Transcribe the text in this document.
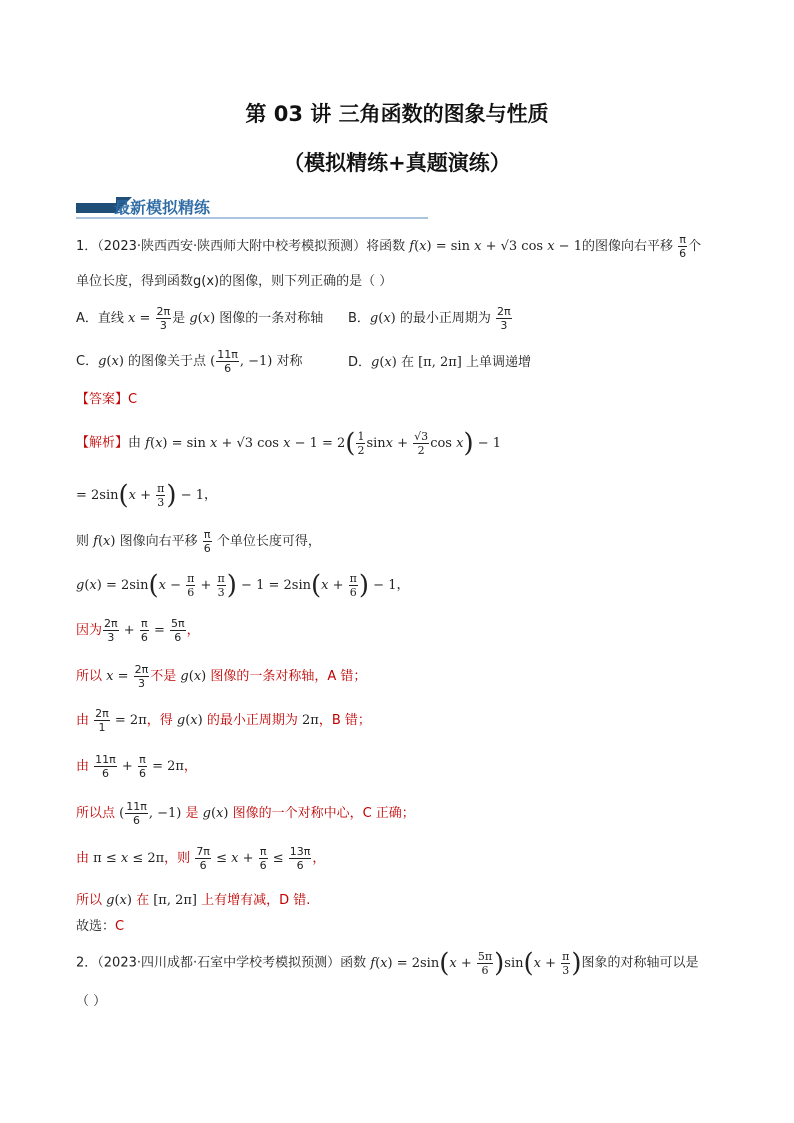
第 03 讲 三角函数的图象与性质
（模拟精练+真题演练）
最新模拟精练
1．（2023·陕西西安·陕西师大附中校考模拟预测）将函数 f(x) = sin x + √3 cos x − 1的图像向右平移 $\frac{\pi}{6}$ 个
单位长度，得到函数g(x)的图像，则下列正确的是（ ）
A．直线 $x = \frac{2\pi}{3}$ 是 g(x) 图像的一条对称轴 B．g(x) 的最小正周期为 $\frac{2\pi}{3}$
C．g(x) 的图像关于点 ( $\frac{11\pi}{6}$ , −1) 对称	D．g(x) 在 [π, 2π] 上单调递增
【答案】C
【解析】由 f(x) = sin x + √3 $\cos x - 1 = 2( \frac{1}{2}$ $\sin x + \frac{√3}{2}$ cos x) − 1
= $2\sin(x + \frac{\pi}{3}$ ) − 1，
则 f(x) 图像向右平移 $\frac{\pi}{6}$ 个单位长度可得，
$g(x) = 2\sin(x - \frac{\pi}{6} + \frac{\pi}{3}$ ) − $1 = 2\sin(x + \frac{\pi}{6}$ ) − 1，
因为 $\frac{2\pi}{3} + \frac{\pi}{6} = \frac{5\pi}{6}$ ，
所以 $x = \frac{2\pi}{3}$ 不是 g(x) 图像的一条对称轴，A 错；
由 $\frac{2\pi}{1} = 2\pi$，得 g(x) 的最小正周期为 2π，B 错；
由 $\frac{11\pi}{6} + \frac{\pi}{6} = 2\pi$，
所以点 ( $\frac{11\pi}{6}$ , −1) 是 g(x) 图像的一个对称中心，C 正确；
由 π ≤ x ≤ 2π，则 $\frac{7\pi}{6} \le x + \frac{\pi}{6} \le \frac{13\pi}{6}$ ，
所以 g(x) 在 [π, 2π] 上有增有减，D 错.
故选：C
2．（2023·四川成都·石室中学校考模拟预测）函数 $f(x) = 2\sin(x + \frac{5\pi}{6} )\sin(x + \frac{\pi}{3}$ )图象的对称轴可以是
（ ）
